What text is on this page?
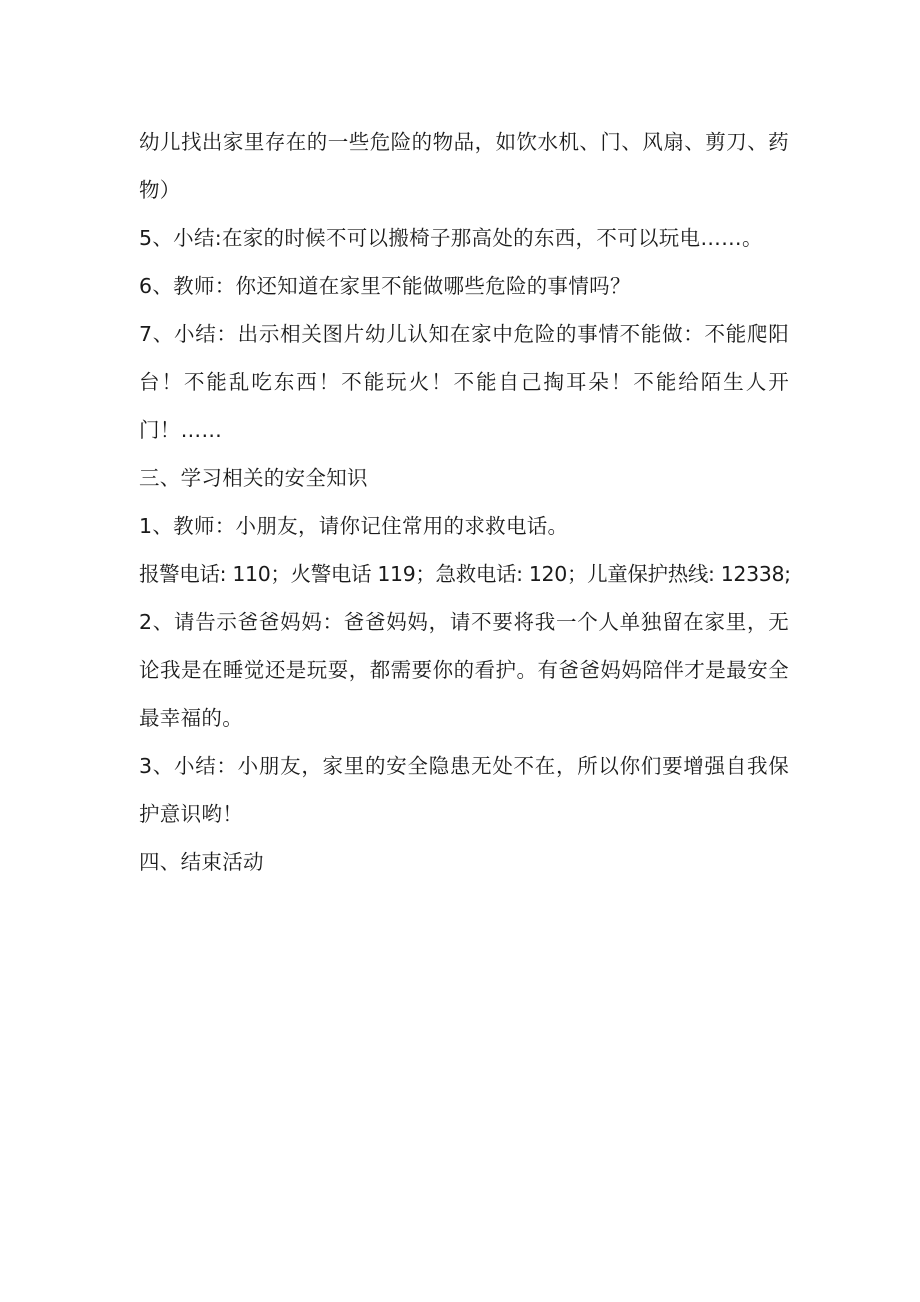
幼儿找出家里存在的一些危险的物品，如饮水机、门、风扇、剪刀、药物）

5、小结:在家的时候不可以搬椅子那高处的东西，不可以玩电……。

6、教师：你还知道在家里不能做哪些危险的事情吗？

7、小结：出示相关图片幼儿认知在家中危险的事情不能做：不能爬阳台！不能乱吃东西！不能玩火！不能自己掏耳朵！不能给陌生人开门！……

三、学习相关的安全知识

1、教师：小朋友，请你记住常用的求救电话。

报警电话: 110；火警电话 119；急救电话: 120；儿童保护热线: 12338;

2、请告示爸爸妈妈：爸爸妈妈，请不要将我一个人单独留在家里，无论我是在睡觉还是玩耍，都需要你的看护。有爸爸妈妈陪伴才是最安全最幸福的。

3、小结：小朋友，家里的安全隐患无处不在，所以你们要增强自我保护意识哟！

四、结束活动
